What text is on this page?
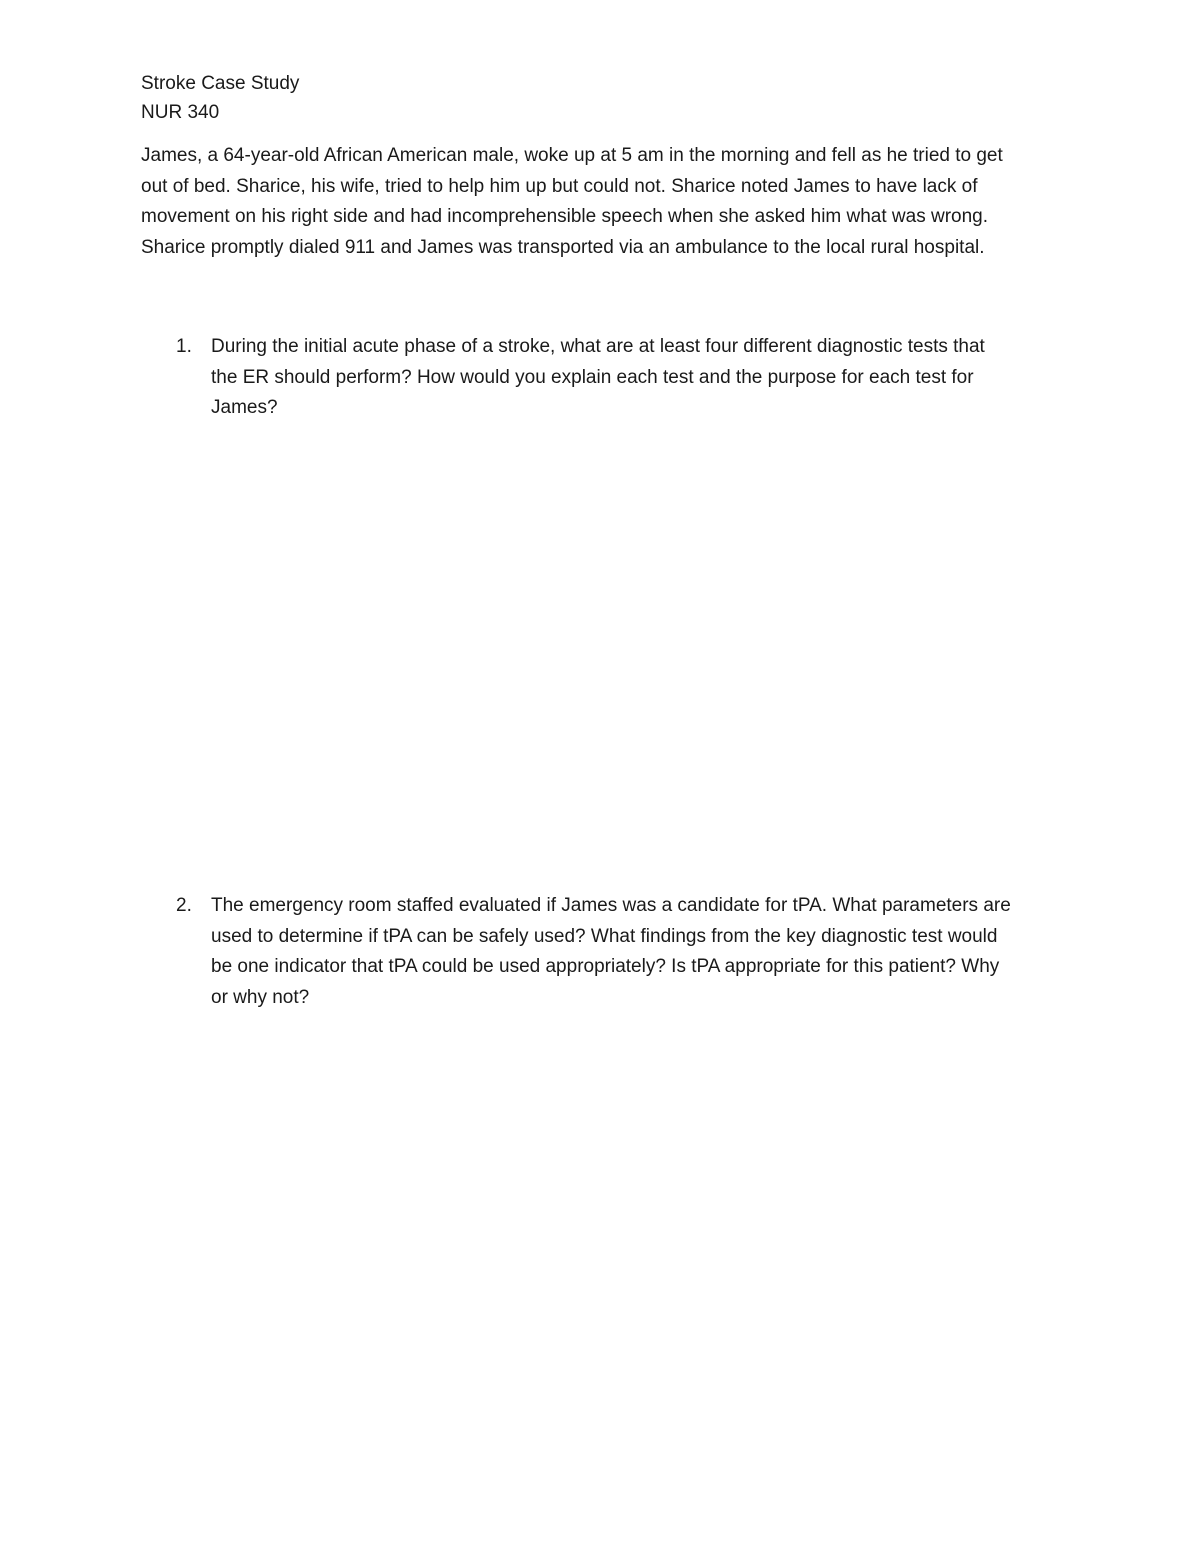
Stroke Case Study
NUR 340
James, a 64-year-old African American male, woke up at 5 am in the morning and fell as he tried to get
out of bed. Sharice, his wife, tried to help him up but could not. Sharice noted James to have lack of
movement on his right side and had incomprehensible speech when she asked him what was wrong.
Sharice promptly dialed 911 and James was transported via an ambulance to the local rural hospital.
1.	During the initial acute phase of a stroke, what are at least four different diagnostic tests that
the ER should perform? How would you explain each test and the purpose for each test for
James?
2.	The emergency room staffed evaluated if James was a candidate for tPA. What parameters are
used to determine if tPA can be safely used? What findings from the key diagnostic test would
be one indicator that tPA could be used appropriately? Is tPA appropriate for this patient? Why
or why not?
